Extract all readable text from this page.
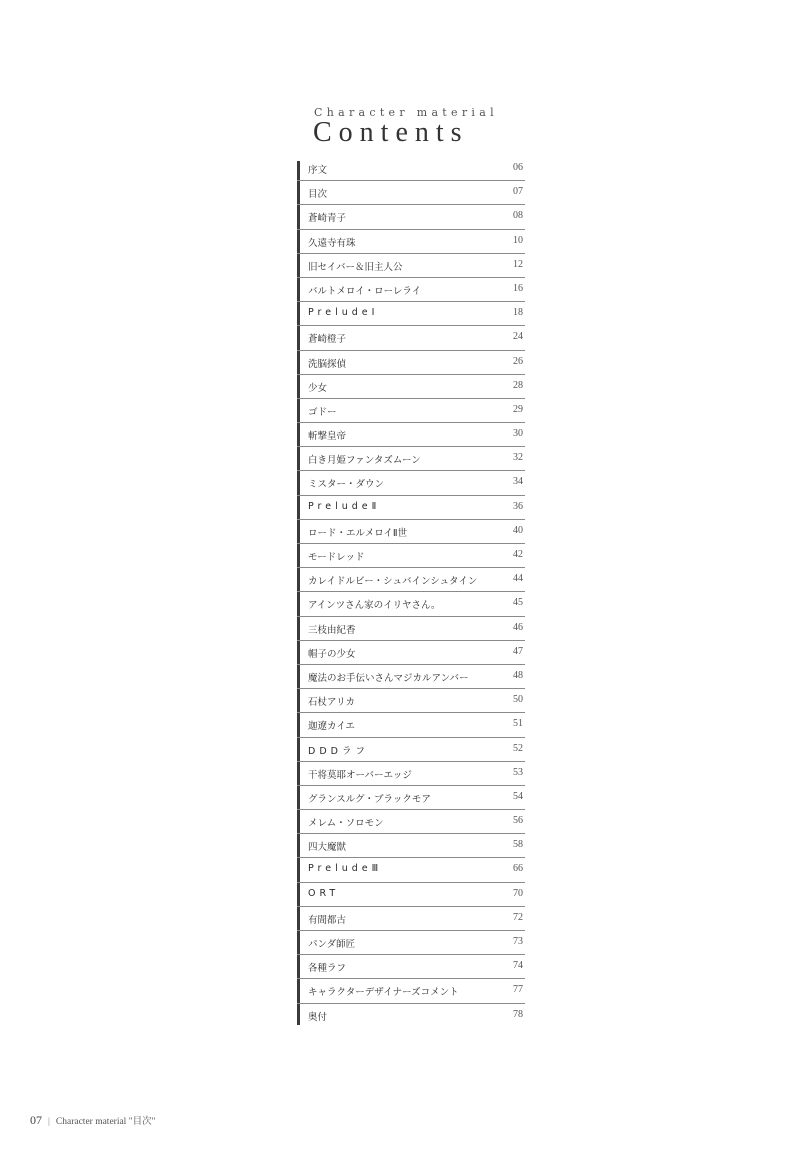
Character material
Contents
序文	06
目次	07
蒼崎青子	08
久遠寺有珠	10
旧セイバー＆旧主人公	12
バルトメロイ・ローレライ	16
PreludeⅠ	18
蒼崎橙子	24
洗脳探偵	26
少女	28
ゴドー	29
斬撃皇帝	30
白き月姫ファンタズムーン	32
ミスター・ダウン	34
PreludeⅡ	36
ロード・エルメロイⅡ世	40
モードレッド	42
カレイドルビー・シュバインシュタイン	44
アインツさん家のイリヤさん。	45
三枝由紀香	46
帽子の少女	47
魔法のお手伝いさんマジカルアンバー	48
石杖アリカ	50
迦遼カイエ	51
DDDラフ	52
干将莫耶オーバーエッジ	53
グランスルグ・ブラックモア	54
メレム・ソロモン	56
四大魔獣	58
PreludeⅢ	66
ORT	70
有間都古	72
パンダ師匠	73
各種ラフ	74
キャラクターデザイナーズコメント	77
奥付	78
07 | Character material "目次"
